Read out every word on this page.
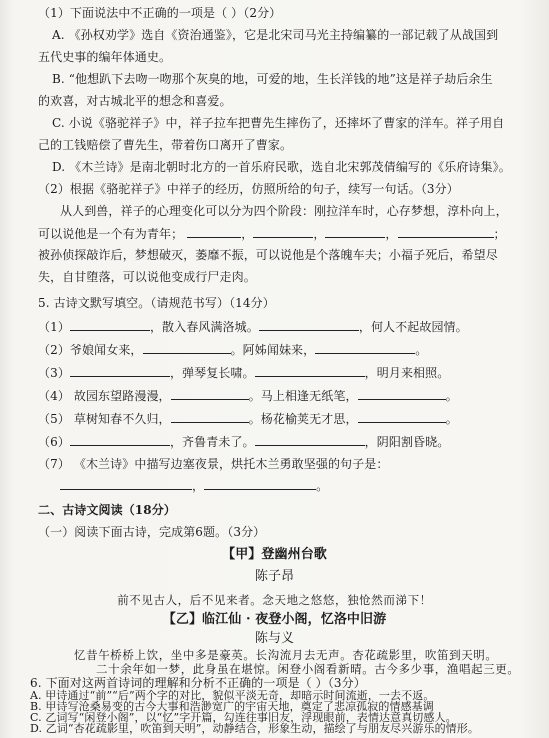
（1）下面说法中不正确的一项是（ ）（2分）
A. 《孙权劝学》选自《资治通鉴》，它是北宋司马光主持编纂的一部记载了从战国到
五代史事的编年体通史。
B. “他想趴下去吻一吻那个灰臭的地，可爱的地，生长洋钱的地”这是祥子劫后余生
的欢喜，对古城北平的想念和喜爱。
C. 小说《骆驼祥子》中，祥子拉车把曹先生摔伤了，还摔坏了曹家的洋车。祥子用自
己的工钱赔偿了曹先生，带着伤口离开了曹家。
D. 《木兰诗》是南北朝时北方的一首乐府民歌，选自北宋郭茂倩编写的《乐府诗集》。
（2）根据《骆驼祥子》中祥子的经历，仿照所给的句子，续写一句话。（3分）
从人到兽，祥子的心理变化可以分为四个阶段：刚拉洋车时，心存梦想，淳朴向上，
可以说他是一个有为青年；	，	，	，	；
被孙侦探敲诈后，梦想破灭，萎靡不振，可以说他是个落魄车夫；小福子死后，希望尽
失，自甘堕落，可以说他变成行尸走肉。
5. 古诗文默写填空。（请规范书写）（14分）
（1）	，散入春风满洛城。	，何人不起故园情。
（2）爷娘闻女来，	。阿姊闻妹来，	。
（3）	，弹琴复长啸。	，明月来相照。
（4） 故园东望路漫漫，	。马上相逢无纸笔，	。
（5） 草树知春不久归，	。杨花榆荚无才思，	。
（6）	，齐鲁青未了。	，阴阳割昏晓。
（7） 《木兰诗》中描写边塞夜景，烘托木兰勇敢坚强的句子是：
，	。
二、古诗文阅读（18分）
（一）阅读下面古诗，完成第6题。（3分）
【甲】登幽州台歌
陈子昂
前不见古人，后不见来者。念天地之悠悠，独怆然而涕下！
【乙】临江仙 · 夜登小阁，忆洛中旧游
陈与义
忆昔午桥桥上饮，坐中多是豪英。长沟流月去无声。杏花疏影里，吹笛到天明。
二十余年如一梦，此身虽在堪惊。闲登小阁看新晴。古今多少事，渔唱起三更。
6. 下面对这两首诗词的理解和分析不正确的一项是（ ）（3分）
A. 甲诗通过“前”“后”两个字的对比，貌似平淡无奇，却暗示时间流逝，一去不返。
B. 甲诗写沧桑易变的古今大事和浩渺宽广的宇宙天地，奠定了悲凉孤寂的情感基调
C. 乙词写“闲登小阁”，以“忆”字开篇，勾连往事旧友，浮现眼前，表情达意真切感人。
D. 乙词“杏花疏影里，吹笛到天明”，动静结合，形象生动，描绘了与朋友尽兴游乐的情形。
